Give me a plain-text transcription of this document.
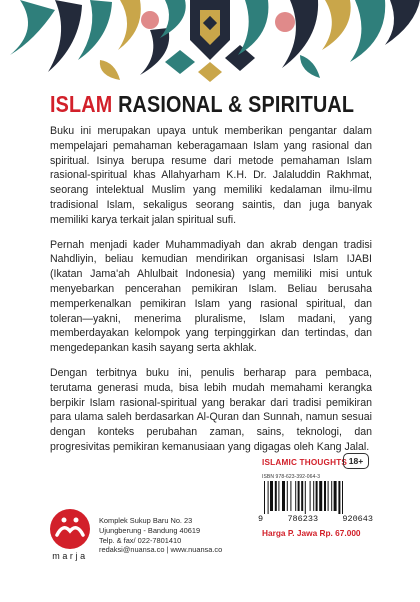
ISLAM RASIONAL & SPIRITUAL

Buku ini merupakan upaya untuk memberikan pengantar dalam mempelajari pemahaman keberagamaan Islam yang rasional dan spiritual. Isinya berupa resume dari metode pemahaman Islam rasional-spiritual khas Allahyarham K.H. Dr. Jalaluddin Rakhmat, seorang intelektual Muslim yang memiliki kedalaman ilmu-ilmu tradisional Islam, sekaligus seorang saintis, dan juga banyak memiliki karya terkait jalan spiritual sufi.

Pernah menjadi kader Muhammadiyah dan akrab dengan tradisi Nahdliyin, beliau kemudian mendirikan organisasi Islam IJABI (Ikatan Jama'ah Ahlulbait Indonesia) yang memiliki misi untuk menyebarkan pencerahan pemikiran Islam. Beliau berusaha memperkenalkan pemikiran Islam yang rasional spiritual, dan toleran—yakni, menerima pluralisme, Islam madani, yang memberdayakan kelompok yang terpinggirkan dan tertindas, dan mengedepankan kasih sayang serta akhlak.

Dengan terbitnya buku ini, penulis berharap para pembaca, terutama generasi muda, bisa lebih mudah memahami kerangka berpikir Islam rasional-spiritual yang berakar dari tradisi pemikiran para ulama saleh berdasarkan Al-Quran dan Sunnah, namun sesuai dengan konteks perubahan zaman, sains, teknologi, dan progresivitas pemikiran kemanusiaan yang digagas oleh Kang Jalal.

ISLAMIC THOUGHTS 18+
ISBN 978-623-392-064-3
9	786233	920643
Harga P. Jawa Rp. 67.000
marja
Komplek Sukup Baru No. 23
Ujungberung - Bandung 40619
Telp. & fax/ 022-7801410
redaksi@nuansa.co | www.nuansa.co
